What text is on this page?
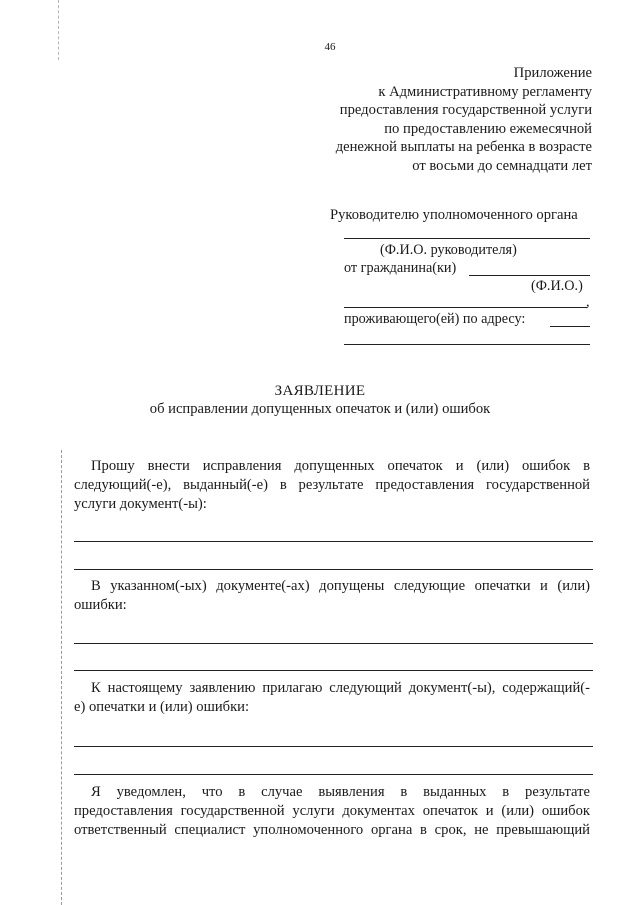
46
Приложение
к Административному регламенту
предоставления государственной услуги
по предоставлению ежемесячной
денежной выплаты на ребенка в возрасте
от восьми до семнадцати лет
Руководителю уполномоченного органа
(Ф.И.О. руководителя)
от гражданина(ки)
(Ф.И.О.)
,
проживающего(ей) по адресу:
ЗАЯВЛЕНИЕ
об исправлении допущенных опечаток и (или) ошибок
Прошу внести исправления допущенных опечаток и (или) ошибок в
следующий(-е), выданный(-е) в результате предоставления государственной
услуги документ(-ы):
В указанном(-ых) документе(-ах) допущены следующие опечатки и (или)
ошибки:
К настоящему заявлению прилагаю следующий документ(-ы), содержащий(-
е) опечатки и (или) ошибки:
Я уведомлен, что в случае выявления в выданных в результате
предоставления государственной услуги документах опечаток и (или) ошибок
ответственный специалист уполномоченного органа в срок, не превышающий
